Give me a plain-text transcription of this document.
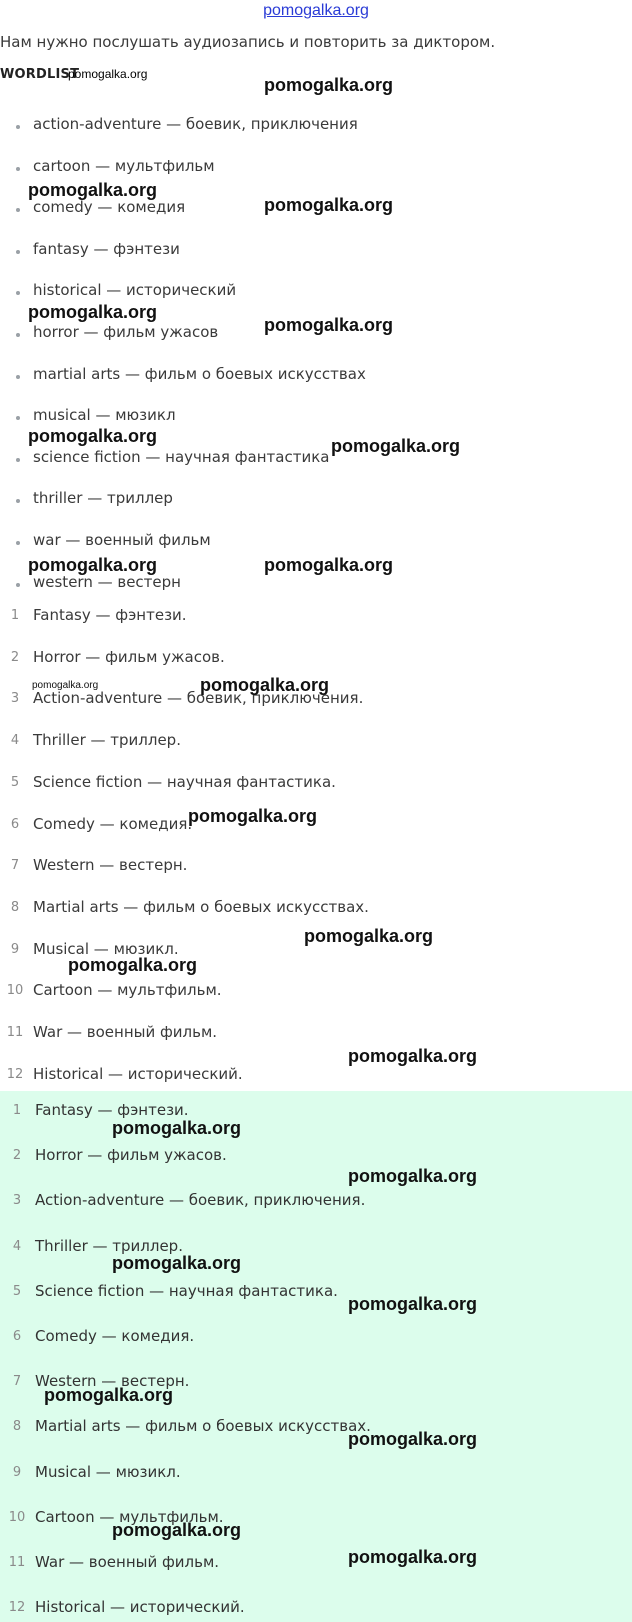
pomogalka.org
Нам нужно послушать аудиозапись и повторить за диктором.
WORDLIST
pomogalka.org
action-adventure — боевик, приключения
cartoon — мультфильм
comedy — комедия
fantasy — фэнтези
historical — исторический
horror — фильм ужасов
martial arts — фильм о боевых искусствах
musical — мюзикл
science fiction — научная фантастика
thriller — триллер
war — военный фильм
western — вестерн
1 Fantasy — фэнтези.
2 Horror — фильм ужасов.
3 Action-adventure — боевик, приключения.
4 Thriller — триллер.
5 Science fiction — научная фантастика.
6 Comedy — комедия.
7 Western — вестерн.
8 Martial arts — фильм о боевых искусствах.
9 Musical — мюзикл.
10 Cartoon — мультфильм.
11 War — военный фильм.
12 Historical — исторический.
1 Fantasy — фэнтези.
2 Horror — фильм ужасов.
3 Action-adventure — боевик, приключения.
4 Thriller — триллер.
5 Science fiction — научная фантастика.
6 Comedy — комедия.
7 Western — вестерн.
8 Martial arts — фильм о боевых искусствах.
9 Musical — мюзикл.
10 Cartoon — мультфильм.
11 War — военный фильм.
12 Historical — исторический.
pomogalka.org
pomogalka.org
pomogalka.org
pomogalka.org
pomogalka.org
pomogalka.org	pomogalka.org
pomogalka.org	pomogalka.org
pomogalka.org	pomogalka.org
pomogalka.org
pomogalka.org
pomogalka.org
pomogalka.org
pomogalka.org
pomogalka.org
pomogalka.org
pomogalka.org
pomogalka.org
pomogalka.org
pomogalka.org
pomogalka.org
